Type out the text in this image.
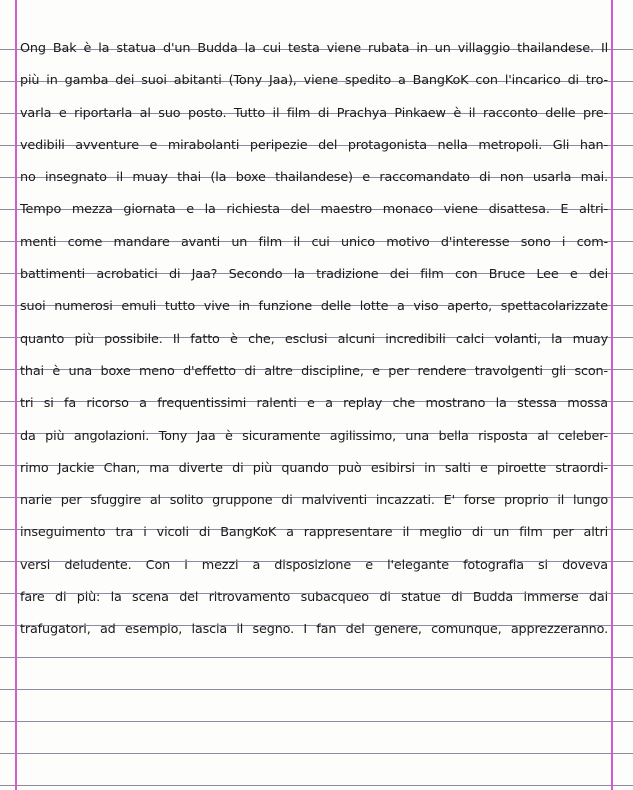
Ong Bak è la statua d'un Budda la cui testa viene rubata in un villaggio thailandese. Il
più in gamba dei suoi abitanti (Tony Jaa), viene spedito a BangKoK con l'incarico di tro-
varla e riportarla al suo posto. Tutto il film di Prachya Pinkaew è il racconto delle pre-
vedibili avventure e mirabolanti peripezie del protagonista nella metropoli. Gli han-
no insegnato il muay thai (la boxe thailandese) e raccomandato di non usarla mai.
Tempo mezza giornata e la richiesta del maestro monaco viene disattesa. E altri-
menti come mandare avanti un film il cui unico motivo d'interesse sono i com-
battimenti acrobatici di Jaa? Secondo la tradizione dei film con Bruce Lee e dei
suoi numerosi emuli tutto vive in funzione delle lotte a viso aperto, spettacolarizzate
quanto più possibile. Il fatto è che, esclusi alcuni incredibili calci volanti, la muay
thai è una boxe meno d'effetto di altre discipline, e per rendere travolgenti gli scon-
tri si fa ricorso a frequentissimi ralenti e a replay che mostrano la stessa mossa
da più angolazioni. Tony Jaa è sicuramente agilissimo, una bella risposta al celeber-
rimo Jackie Chan, ma diverte di più quando può esibirsi in salti e piroette straordi-
narie per sfuggire al solito gruppone di malviventi incazzati. E' forse proprio il lungo
inseguimento tra i vicoli di BangKoK a rappresentare il meglio di un film per altri
versi deludente. Con i mezzi a disposizione e l'elegante fotografia si doveva
fare di più: la scena del ritrovamento subacqueo di statue di Budda immerse dai
trafugatori, ad esempio, lascia il segno. I fan del genere, comunque, apprezzeranno.
